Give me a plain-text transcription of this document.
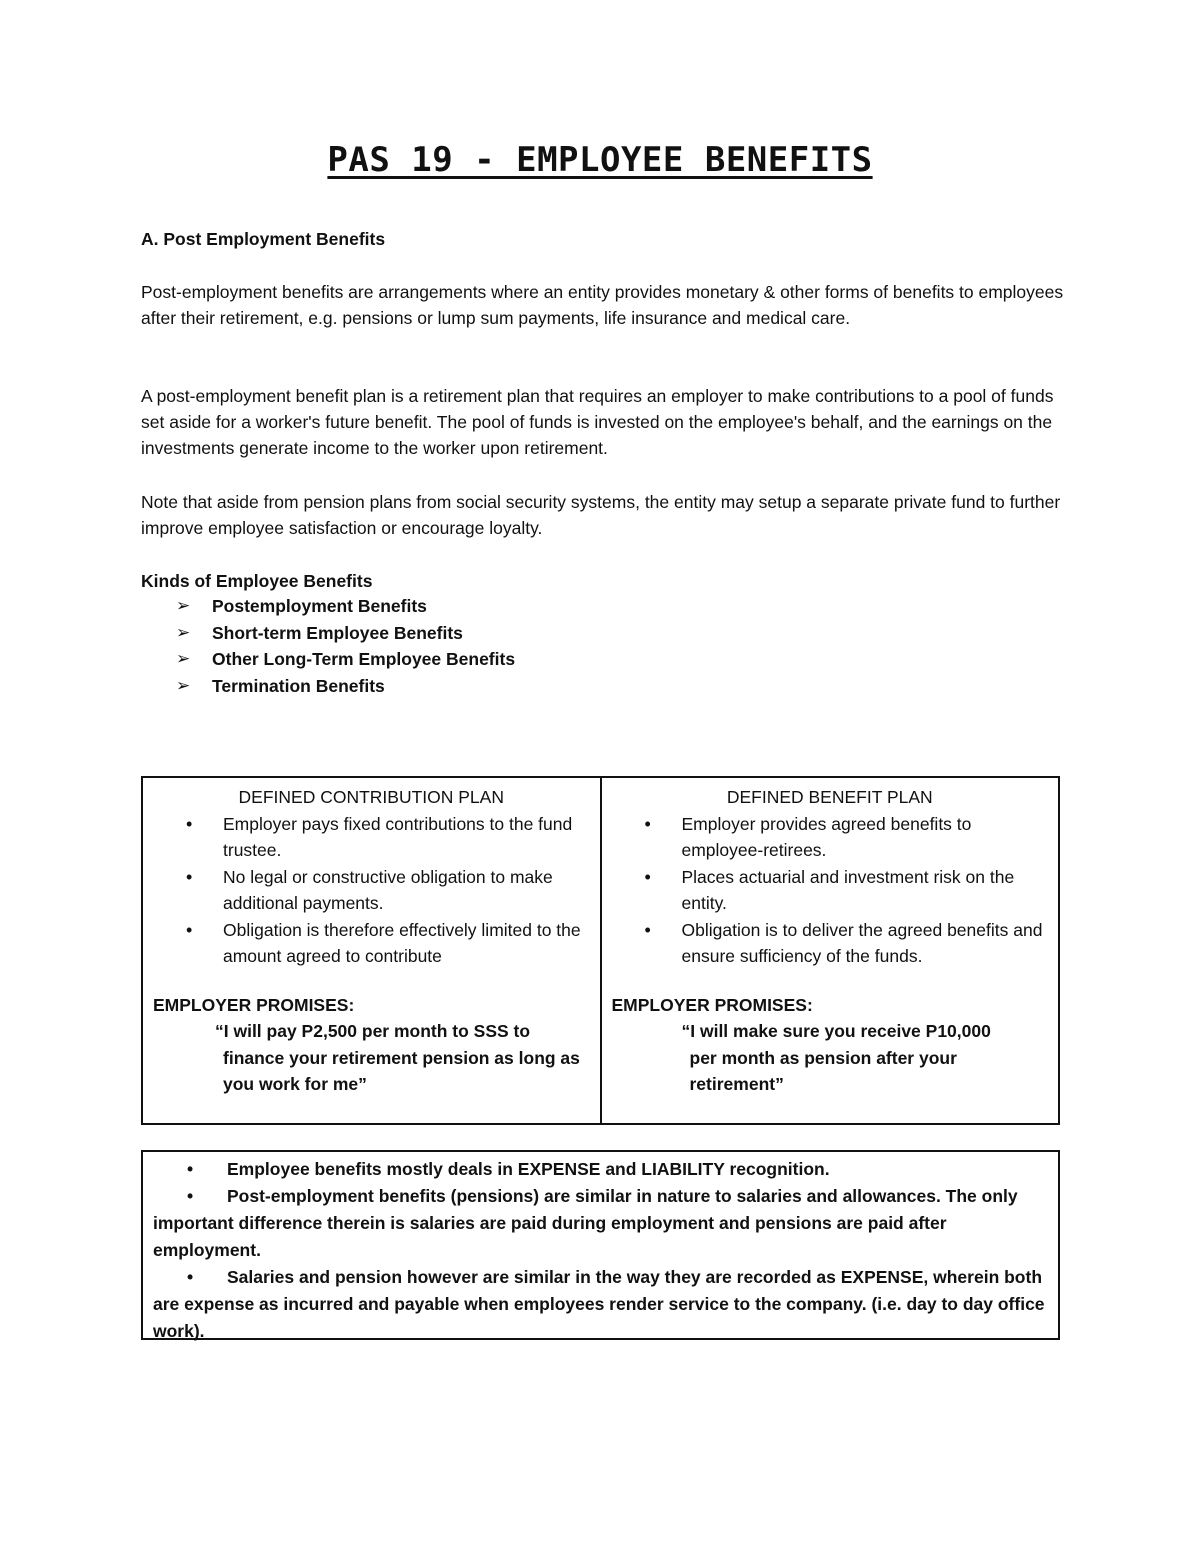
PAS 19 - EMPLOYEE BENEFITS
A. Post Employment Benefits
Post-employment benefits are arrangements where an entity provides monetary & other forms of benefits to employees after their retirement, e.g. pensions or lump sum payments, life insurance and medical care.
A post-employment benefit plan is a retirement plan that requires an employer to make contributions to a pool of funds set aside for a worker's future benefit. The pool of funds is invested on the employee's behalf, and the earnings on the investments generate income to the worker upon retirement.
Note that aside from pension plans from social security systems, the entity may setup a separate private fund to further improve employee satisfaction or encourage loyalty.
Kinds of Employee Benefits
➢	Postemployment Benefits
➢	Short-term Employee Benefits
➢	Other Long-Term Employee Benefits
➢	Termination Benefits
DEFINED CONTRIBUTION PLAN
• Employer pays fixed contributions to the fund trustee.
• No legal or constructive obligation to make additional payments.
• Obligation is therefore effectively limited to the amount agreed to contribute
EMPLOYER PROMISES:
“I will pay P2,500 per month to SSS to finance your retirement pension as long as you work for me”
DEFINED BENEFIT PLAN
• Employer provides agreed benefits to employee-retirees.
• Places actuarial and investment risk on the entity.
• Obligation is to deliver the agreed benefits and ensure sufficiency of the funds.
EMPLOYER PROMISES:
“I will make sure you receive P10,000 per month as pension after your retirement”

• Employee benefits mostly deals in EXPENSE and LIABILITY recognition.

• Post-employment benefits (pensions) are similar in nature to salaries and allowances. The only important difference therein is salaries are paid during employment and pensions are paid after employment.

• Salaries and pension however are similar in the way they are recorded as EXPENSE, wherein both are expense as incurred and payable when employees render service to the company. (i.e. day to day office work).
